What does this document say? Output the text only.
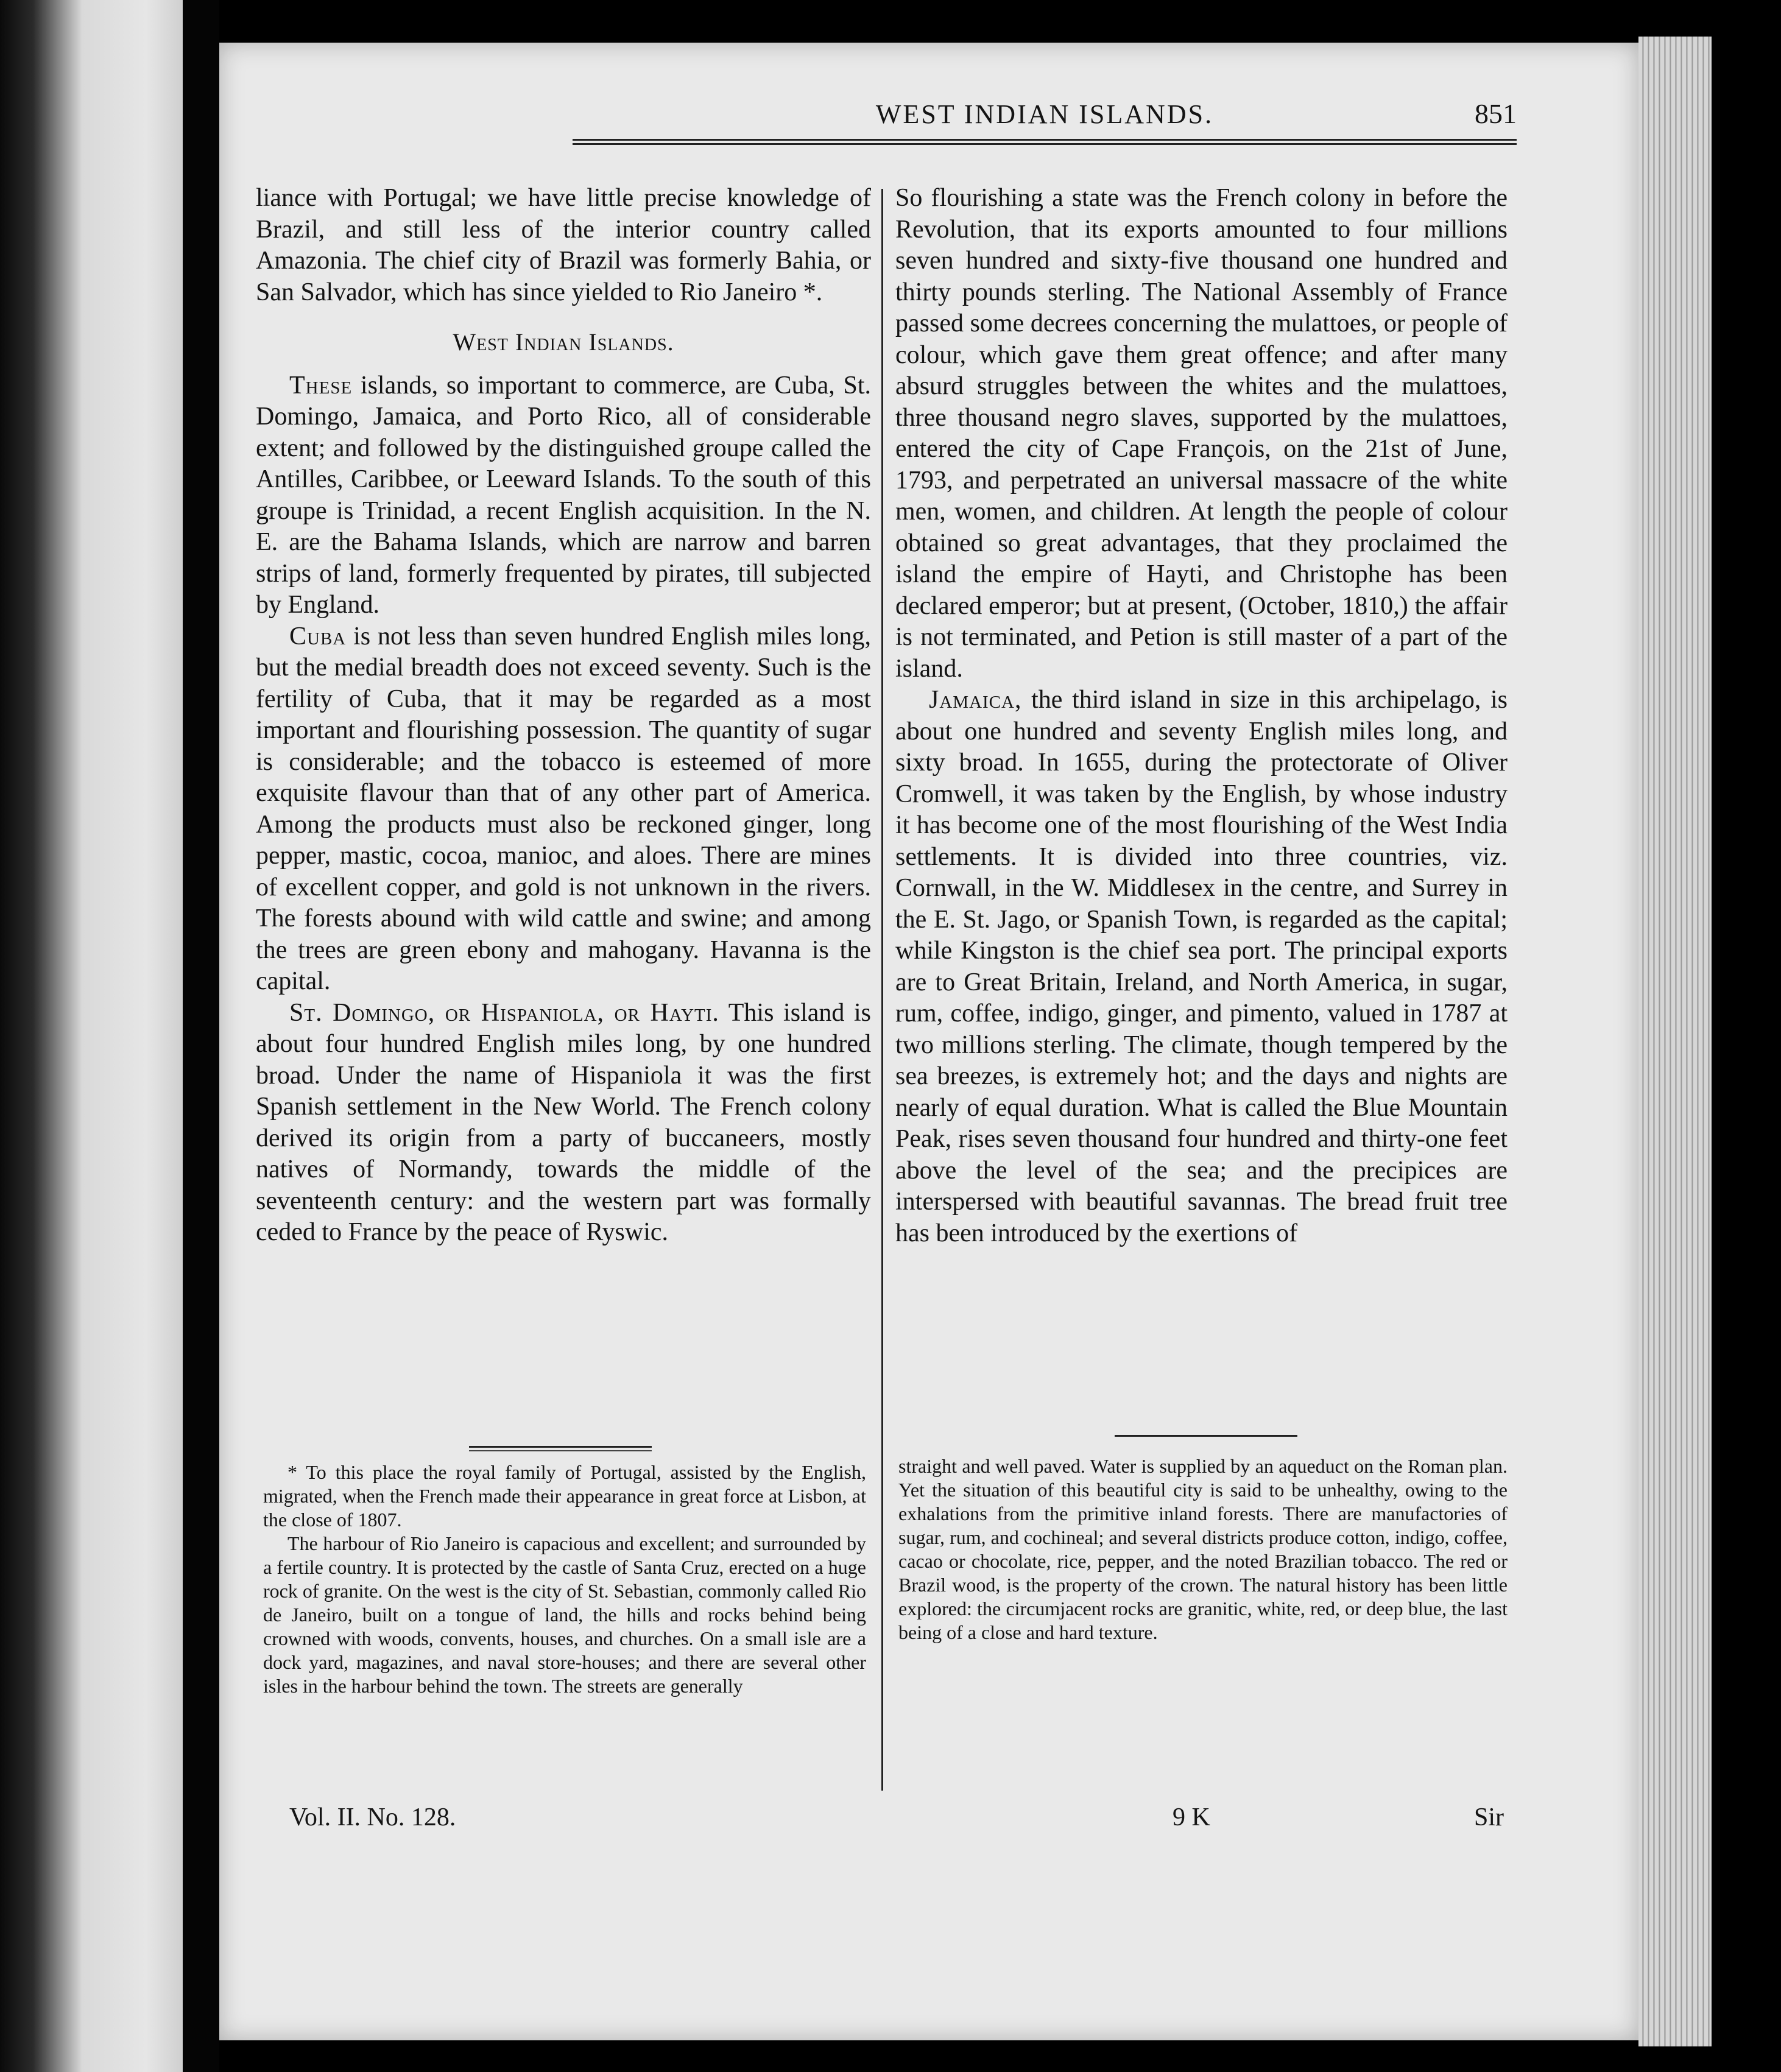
WEST INDIAN ISLANDS.	851

liance with Portugal; we have little precise knowledge of Brazil, and still less of the interior country called Amazonia. The chief city of Brazil was formerly Bahia, or San Salvador, which has since yielded to Rio Janeiro *.

West Indian Islands.

These islands, so important to commerce, are Cuba, St. Domingo, Jamaica, and Porto Rico, all of considerable extent; and followed by the distinguished groupe called the Antilles, Caribbee, or Leeward Islands. To the south of this groupe is Trinidad, a recent English acquisition. In the N. E. are the Bahama Islands, which are narrow and barren strips of land, formerly frequented by pirates, till subjected by England.

Cuba is not less than seven hundred English miles long, but the medial breadth does not exceed seventy. Such is the fertility of Cuba, that it may be regarded as a most important and flourishing possession. The quantity of sugar is considerable; and the tobacco is esteemed of more exquisite flavour than that of any other part of America. Among the products must also be reckoned ginger, long pepper, mastic, cocoa, manioc, and aloes. There are mines of excellent copper, and gold is not unknown in the rivers. The forests abound with wild cattle and swine; and among the trees are green ebony and mahogany. Havanna is the capital.

St. Domingo, or Hispaniola, or Hayti. This island is about four hundred English miles long, by one hundred broad. Under the name of Hispaniola it was the first Spanish settlement in the New World. The French colony derived its origin from a party of buccaneers, mostly natives of Normandy, towards the middle of the seventeenth century: and the western part was formally ceded to France by the peace of Ryswic.

So flourishing a state was the French colony in before the Revolution, that its exports amounted to four millions seven hundred and sixty-five thousand one hundred and thirty pounds sterling. The National Assembly of France passed some decrees concerning the mulattoes, or people of colour, which gave them great offence; and after many absurd struggles between the whites and the mulattoes, three thousand negro slaves, supported by the mulattoes, entered the city of Cape François, on the 21st of June, 1793, and perpetrated an universal massacre of the white men, women, and children. At length the people of colour obtained so great advantages, that they proclaimed the island the empire of Hayti, and Christophe has been declared emperor; but at present, (October, 1810,) the affair is not terminated, and Petion is still master of a part of the island.

Jamaica, the third island in size in this archipelago, is about one hundred and seventy English miles long, and sixty broad. In 1655, during the protectorate of Oliver Cromwell, it was taken by the English, by whose industry it has become one of the most flourishing of the West India settlements. It is divided into three countries, viz. Cornwall, in the W. Middlesex in the centre, and Surrey in the E. St. Jago, or Spanish Town, is regarded as the capital; while Kingston is the chief sea port. The principal exports are to Great Britain, Ireland, and North America, in sugar, rum, coffee, indigo, ginger, and pimento, valued in 1787 at two millions sterling. The climate, though tempered by the sea breezes, is extremely hot; and the days and nights are nearly of equal duration. What is called the Blue Mountain Peak, rises seven thousand four hundred and thirty-one feet above the level of the sea; and the precipices are interspersed with beautiful savannas. The bread fruit tree has been introduced by the exertions of

* To this place the royal family of Portugal, assisted by the English, migrated, when the French made their appearance in great force at Lisbon, at the close of 1807.

The harbour of Rio Janeiro is capacious and excellent; and surrounded by a fertile country. It is protected by the castle of Santa Cruz, erected on a huge rock of granite. On the west is the city of St. Sebastian, commonly called Rio de Janeiro, built on a tongue of land, the hills and rocks behind being crowned with woods, convents, houses, and churches. On a small isle are a dock yard, magazines, and naval store-houses; and there are several other isles in the harbour behind the town. The streets are generally

straight and well paved. Water is supplied by an aqueduct on the Roman plan. Yet the situation of this beautiful city is said to be unhealthy, owing to the exhalations from the primitive inland forests. There are manufactories of sugar, rum, and cochineal; and several districts produce cotton, indigo, coffee, cacao or chocolate, rice, pepper, and the noted Brazilian tobacco. The red or Brazil wood, is the property of the crown. The natural history has been little explored: the circumjacent rocks are granitic, white, red, or deep blue, the last being of a close and hard texture.

Vol. II. No. 128.	9 K	Sir
